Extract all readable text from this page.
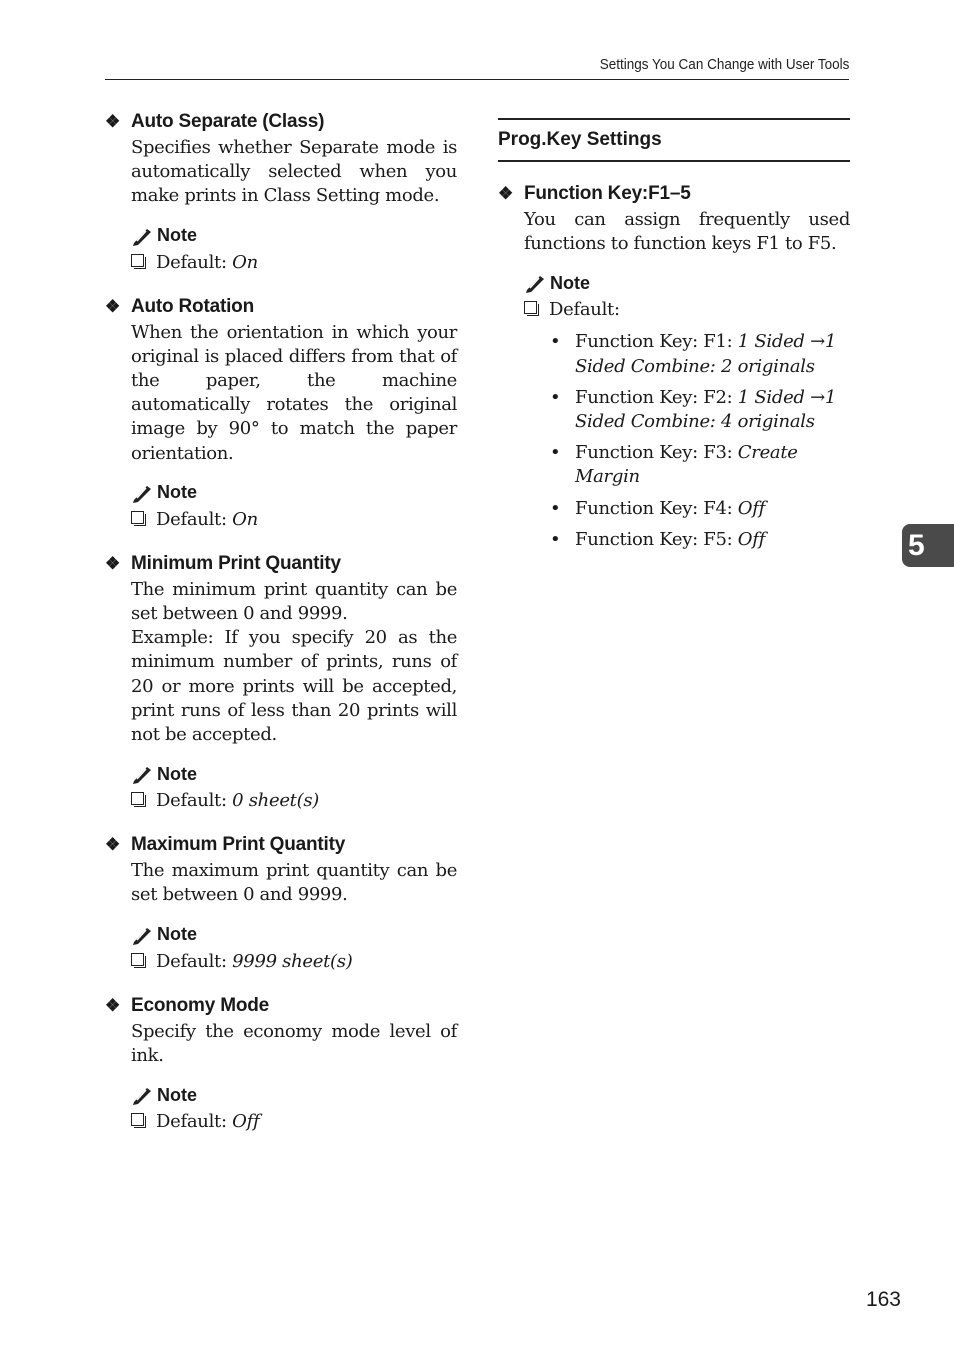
Settings You Can Change with User Tools
❖ Auto Separate (Class)
Specifies whether Separate mode is automatically selected when you make prints in Class Setting mode.
Note
Default: On
❖ Auto Rotation
When the orientation in which your original is placed differs from that of the paper, the machine automatically rotates the original image by 90° to match the paper orientation.
Note
Default: On
❖ Minimum Print Quantity
The minimum print quantity can be set between 0 and 9999.
Example: If you specify 20 as the minimum number of prints, runs of 20 or more prints will be accepted, print runs of less than 20 prints will not be accepted.
Note
Default: 0 sheet(s)
❖ Maximum Print Quantity
The maximum print quantity can be set between 0 and 9999.
Note
Default: 9999 sheet(s)
❖ Economy Mode
Specify the economy mode level of ink.
Note
Default: Off
Prog.Key Settings
❖ Function Key:F1–5
You can assign frequently used functions to function keys F1 to F5.
Note
Default:
• Function Key: F1: 1 Sided →1 Sided Combine: 2 originals
• Function Key: F2: 1 Sided →1 Sided Combine: 4 originals
• Function Key: F3: Create Margin
• Function Key: F4: Off
• Function Key: F5: Off	5
163
